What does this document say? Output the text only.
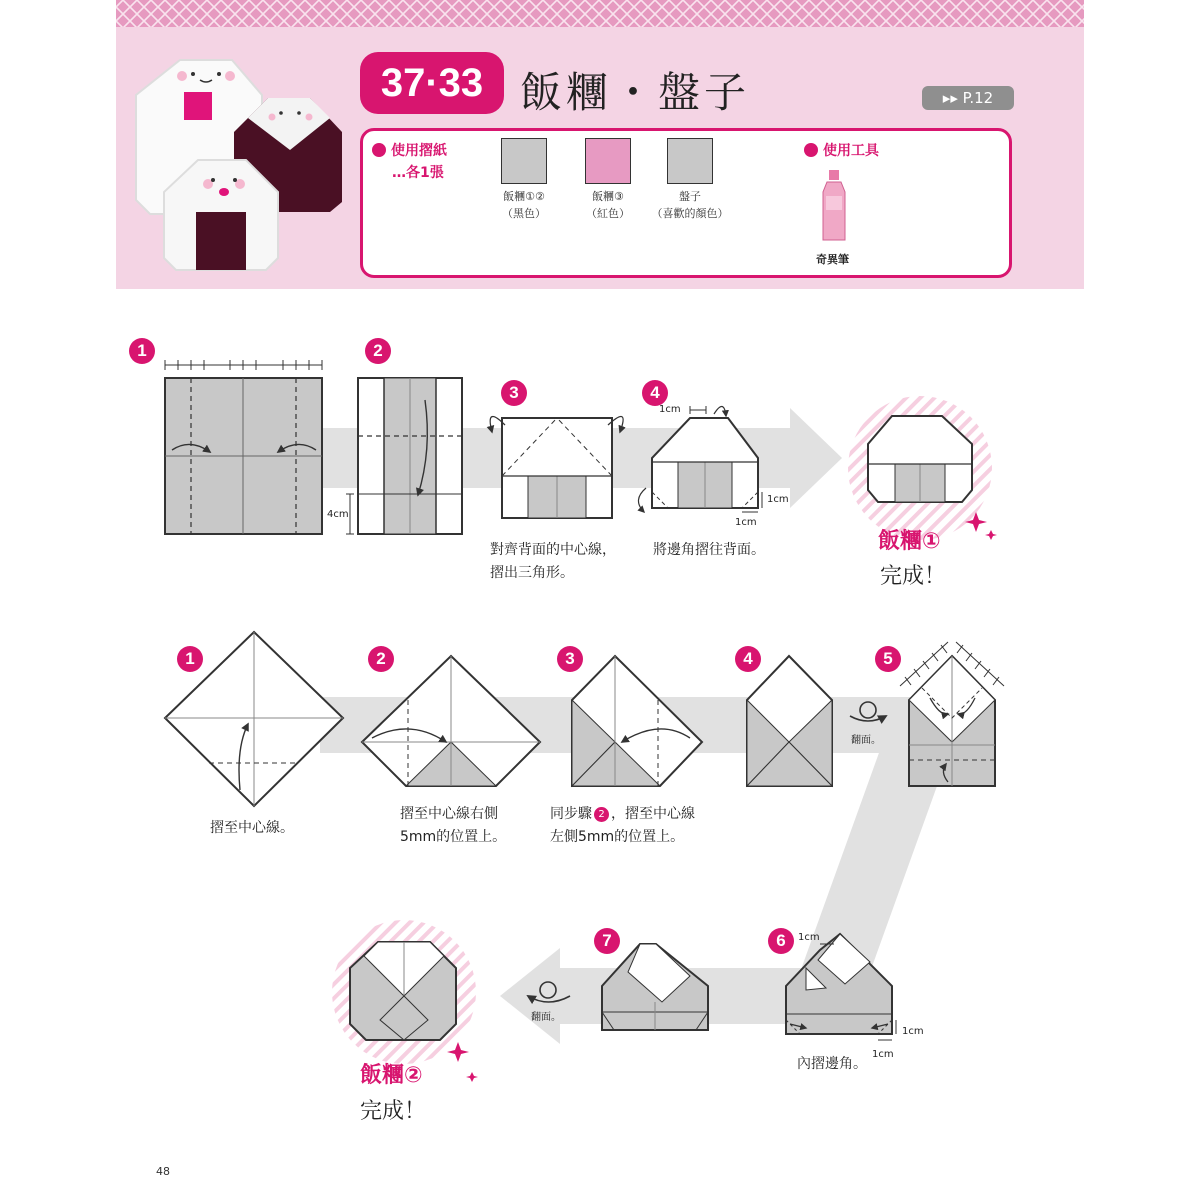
37·33 飯糰・盤子	▸▸ P.12
使用摺紙
…各1張
飯糰①②
（黑色）
飯糰③
（紅色）
盤子
（喜歡的顏色）
使用工具
奇異筆
1	2
3	4
4cm
1cm
1cm
1cm
對齊背面的中心線，
摺出三角形。
將邊角摺往背面。	飯糰①
完成！
1	2	3	4	5
6
7
摺至中心線。
摺至中心線右側
5mm的位置上。
同步驟 2 ，摺至中心線
左側5mm的位置上。
翻面。
翻面。
1cm
1cm
1cm
內摺邊角。
飯糰②
完成！
48
